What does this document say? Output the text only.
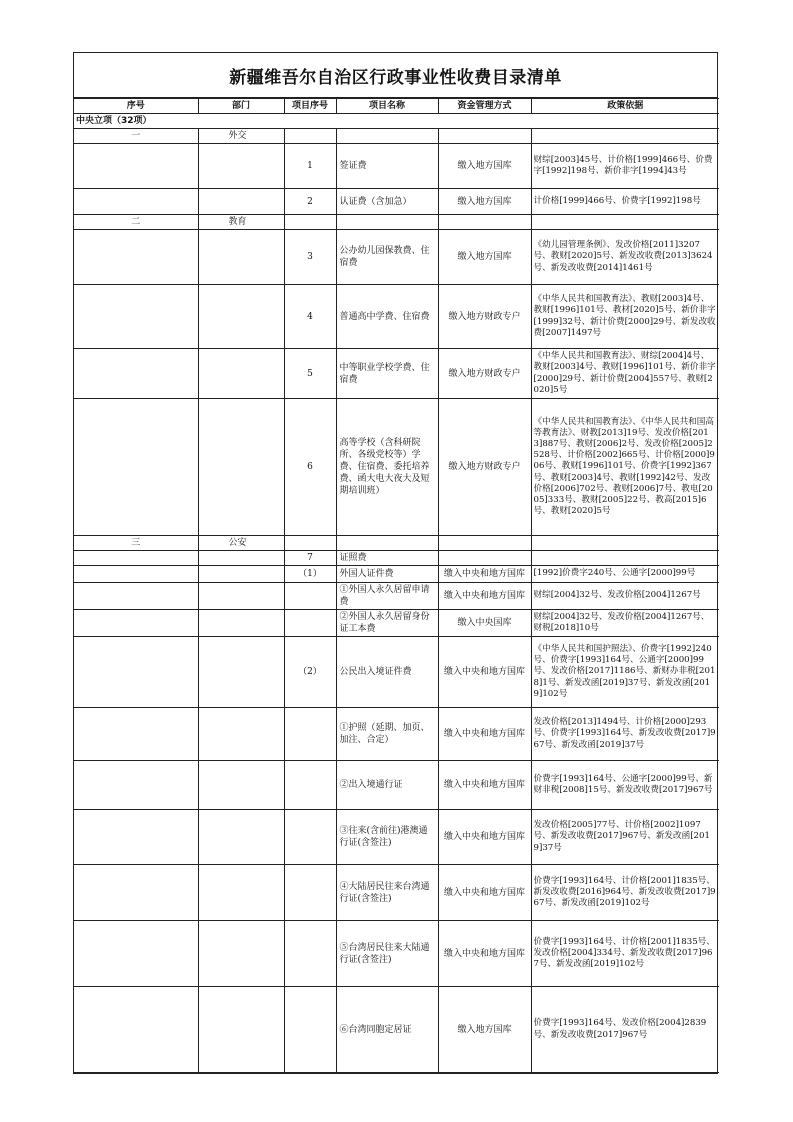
新疆维吾尔自治区行政事业性收费目录清单
序号	部门	项目序号	项目名称	资金管理方式	政策依据
中央立项（32项）					
一	外交				
		1	签证费	缴入地方国库	财综[2003]45号、计价格[1999]466号、价费字[1992]198号、新价非字[1994]43号
		2	认证费（含加急）	缴入地方国库	计价格[1999]466号、价费字[1992]198号
二	教育				
		3	公办幼儿园保教费、住宿费	缴入地方国库	《幼儿园管理条例》、发改价格[2011]3207号、教财[2020]5号、新发改收费[2013]3624号、新发改收费[2014]1461号
		4	普通高中学费、住宿费	缴入地方财政专户	《中华人民共和国教育法》、教财[2003]4号、教财[1996]101号、教材[2020]5号、新价非字[1999]32号、新计价费[2000]29号、新发改收费[2007]1497号
		5	中等职业学校学费、住宿费	缴入地方财政专户	《中华人民共和国教育法》、财综[2004]4号、教财[2003]4号、教财[1996]101号、新价非字[2000]29号、新计价费[2004]557号、教财[2020]5号
		6	高等学校（含科研院所、各级党校等）学费、住宿费、委托培养费、函大电大夜大及短期培训班）	缴入地方财政专户	《中华人民共和国教育法》、《中华人民共和国高等教育法》、财教[2013]19号、发改价格[2013]887号、教财[2006]2号、发改价格[2005]2528号、计价格[2002]665号、计价格[2000]906号、教财[1996]101号、价费字[1992]367号、教财[2003]4号、教财[1992]42号、发改价格[2006]702号、教财[2006]7号、教电[2005]333号、教财[2005]22号、教高[2015]6号、教财[2020]5号
三	公安				
		7	证照费		
		（1）	外国人证件费	缴入中央和地方国库	[1992]价费字240号、公通字[2000]99号
			①外国人永久居留申请费	缴入中央和地方国库	财综[2004]32号、发改价格[2004]1267号
			②外国人永久居留身份证工本费	缴入中央国库	财综[2004]32号、发改价格[2004]1267号、财税[2018]10号
		（2）	公民出入境证件费	缴入中央和地方国库	《中华人民共和国护照法》、价费字[1992]240号、价费字[1993]164号、公通字[2000]99号、发改价格[2017]1186号、新财办非税[2018]1号、新发改函[2019]37号、新发改函[2019]102号
			①护照（延期、加页、加注、合定）	缴入中央和地方国库	发改价格[2013]1494号、计价格[2000]293号、价费字[1993]164号、新发改收费[2017]967号、新发改函[2019]37号
			②出入境通行证	缴入中央和地方国库	价费字[1993]164号、公通字[2000]99号、新财非税[2008]15号、新发改收费[2017]967号
			③往来(含前往)港澳通行证(含签注)	缴入中央和地方国库	发改价格[2005]77号、计价格[2002]1097号、新发改收费[2017]967号、新发改函[2019]37号
			④大陆居民往来台湾通行证(含签注)	缴入中央和地方国库	价费字[1993]164号、计价格[2001]1835号、新发改收费[2016]964号、新发改收费[2017]967号、新发改函[2019]102号
			⑤台湾居民往来大陆通行证(含签注)	缴入中央和地方国库	价费字[1993]164号、计价格[2001]1835号、发改价格[2004]334号、新发改收费[2017]967号、新发改函[2019]102号
			⑥台湾同胞定居证	缴入地方国库	价费字[1993]164号、发改价格[2004]2839号、新发改收费[2017]967号
